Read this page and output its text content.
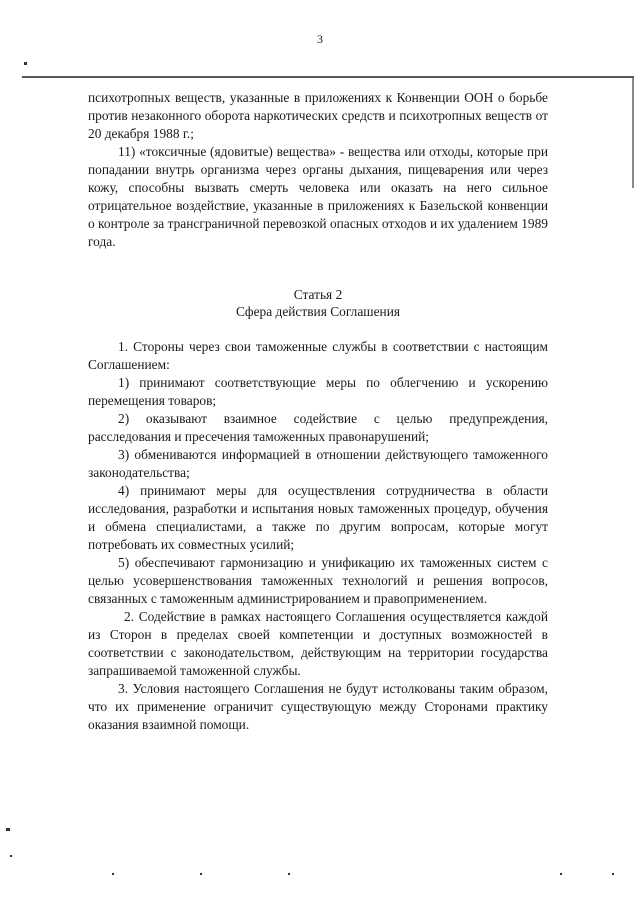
3

психотропных веществ, указанные в приложениях к Конвенции ООН о борьбе против незаконного оборота наркотических средств и психотропных веществ от 20 декабря 1988 г.;

11) «токсичные (ядовитые) вещества» - вещества или отходы, которые при попадании внутрь организма через органы дыхания, пищеварения или через кожу, способны вызвать смерть человека или оказать на него сильное отрицательное воздействие, указанные в приложениях к Базельской конвенции о контроле за трансграничной перевозкой опасных отходов и их удалением 1989 года.

Статья 2
Сфера действия Соглашения

1. Стороны через свои таможенные службы в соответствии с настоящим Соглашением:

1) принимают соответствующие меры по облегчению и ускорению перемещения товаров;

2) оказывают взаимное содействие с целью предупреждения, расследования и пресечения таможенных правонарушений;

3) обмениваются информацией в отношении действующего таможенного законодательства;

4) принимают меры для осуществления сотрудничества в области исследования, разработки и испытания новых таможенных процедур, обучения и обмена специалистами, а также по другим вопросам, которые могут потребовать их совместных усилий;

5) обеспечивают гармонизацию и унификацию их таможенных систем с целью усовершенствования таможенных технологий и решения вопросов, связанных с таможенным администрированием и правоприменением.

2. Содействие в рамках настоящего Соглашения осуществляется каждой из Сторон в пределах своей компетенции и доступных возможностей в соответствии с законодательством, действующим на территории государства запрашиваемой таможенной службы.

3. Условия настоящего Соглашения не будут истолкованы таким образом, что их применение ограничит существующую между Сторонами практику оказания взаимной помощи.
